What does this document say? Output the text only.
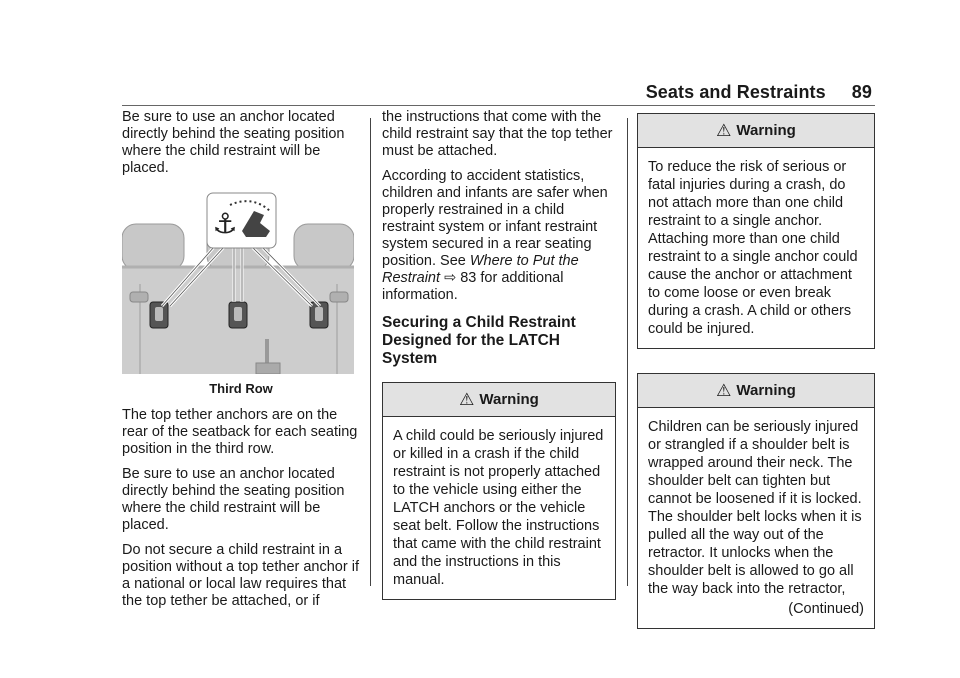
Seats and Restraints 89

Be sure to use an anchor located directly behind the seating position where the child restraint will be placed.

⚓
Third Row

The top tether anchors are on the rear of the seatback for each seating position in the third row.

Be sure to use an anchor located directly behind the seating position where the child restraint will be placed.

Do not secure a child restraint in a position without a top tether anchor if a national or local law requires that the top tether be attached, or if

the instructions that come with the child restraint say that the top tether must be attached.

According to accident statistics, children and infants are safer when properly restrained in a child restraint system or infant restraint system secured in a rear seating position. See Where to Put the Restraint ⇨ 83 for additional information.

Securing a Child Restraint Designed for the LATCH System
⚠ Warning
A child could be seriously injured or killed in a crash if the child restraint is not properly attached to the vehicle using either the LATCH anchors or the vehicle seat belt. Follow the instructions that came with the child restraint and the instructions in this manual.
⚠ Warning
To reduce the risk of serious or fatal injuries during a crash, do not attach more than one child restraint to a single anchor. Attaching more than one child restraint to a single anchor could cause the anchor or attachment to come loose or even break during a crash. A child or others could be injured.
⚠ Warning
Children can be seriously injured or strangled if a shoulder belt is wrapped around their neck. The shoulder belt can tighten but cannot be loosened if it is locked. The shoulder belt locks when it is pulled all the way out of the retractor. It unlocks when the shoulder belt is allowed to go all the way back into the retractor,
(Continued)
